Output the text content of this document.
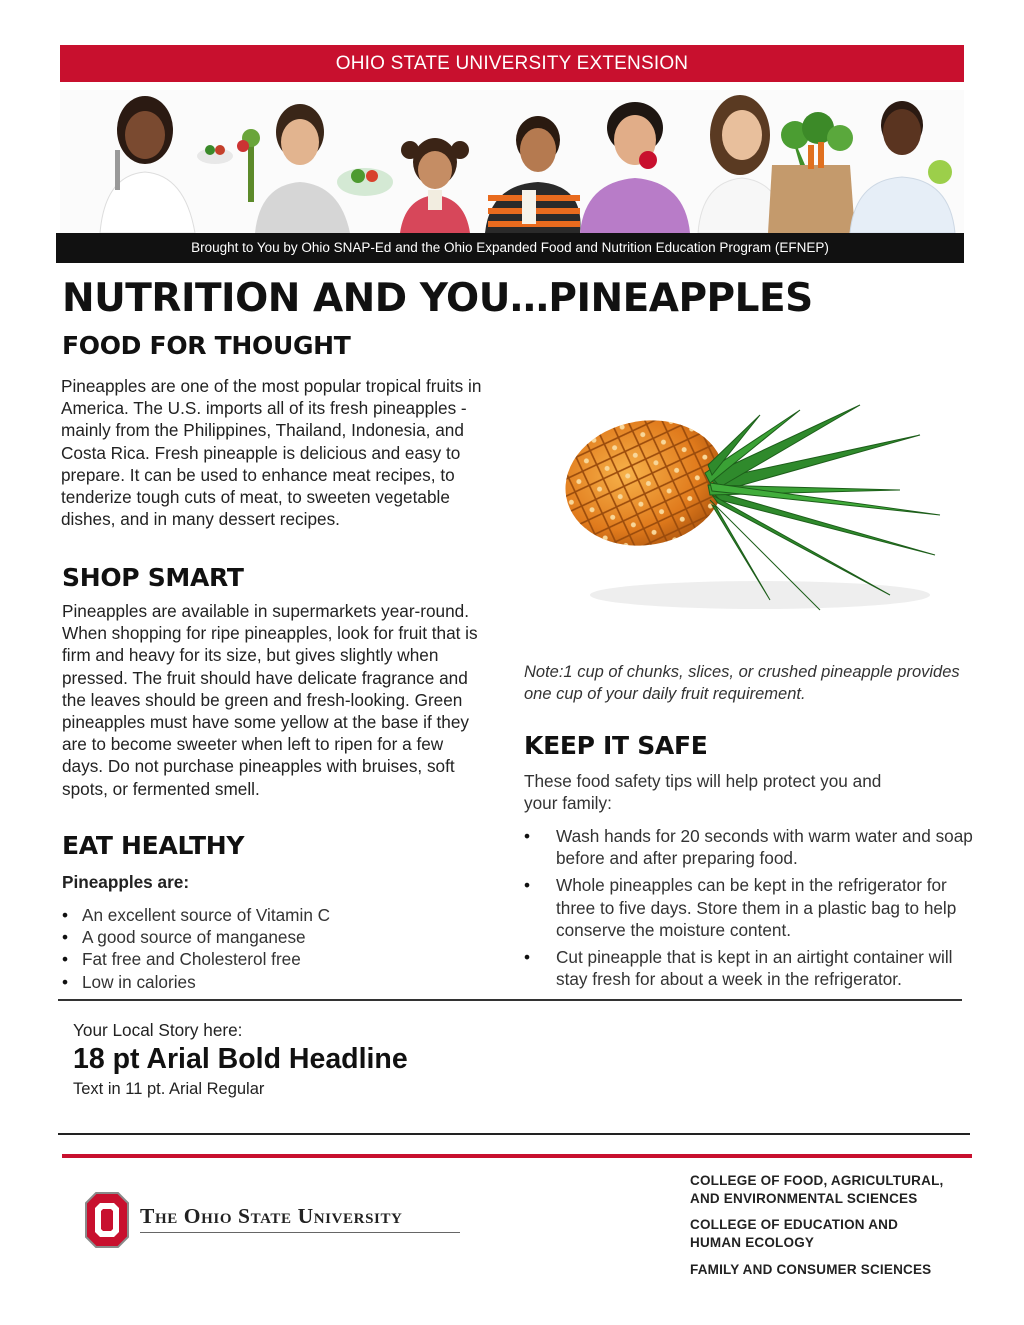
OHIO STATE UNIVERSITY EXTENSION
Brought to You by Ohio SNAP-Ed and the Ohio Expanded Food and Nutrition Education Program (EFNEP)
NUTRITION AND YOU…PINEAPPLES
FOOD FOR THOUGHT

Pineapples are one of the most popular tropical fruits in America. The U.S. imports all of its fresh pineapples - mainly from the Philippines, Thailand, Indonesia, and Costa Rica. Fresh pineapple is delicious and easy to prepare. It can be used to enhance meat recipes, to tenderize tough cuts of meat, to sweeten vegetable dishes, and in many dessert recipes.

SHOP SMART

Pineapples are available in supermarkets year-round. When shopping for ripe pineapples, look for fruit that is firm and heavy for its size, but gives slightly when pressed. The fruit should have delicate fragrance and the leaves should be green and fresh-looking. Green pineapples must have some yellow at the base if they are to become sweeter when left to ripen for a few days. Do not purchase pineapples with bruises, soft spots, or fermented smell.

EAT HEALTHY
Pineapples are:
• An excellent source of Vitamin C
• A good source of manganese
• Fat free and Cholesterol free
• Low in calories
Note:1 cup of chunks, slices, or crushed pineapple provides one cup of your daily fruit requirement.
KEEP IT SAFE

These food safety tips will help protect you and your family:

• Wash hands for 20 seconds with warm water and soap before and after preparing food.
• Whole pineapples can be kept in the refrigerator for three to five days. Store them in a plastic bag to help conserve the moisture content.
• Cut pineapple that is kept in an airtight container will stay fresh for about a week in the refrigerator.
Your Local Story here:
18 pt Arial Bold Headline
Text in 11 pt. Arial Regular
The Ohio State University
COLLEGE OF FOOD, AGRICULTURAL, AND ENVIRONMENTAL SCIENCES
COLLEGE OF EDUCATION AND HUMAN ECOLOGY
FAMILY AND CONSUMER SCIENCES
